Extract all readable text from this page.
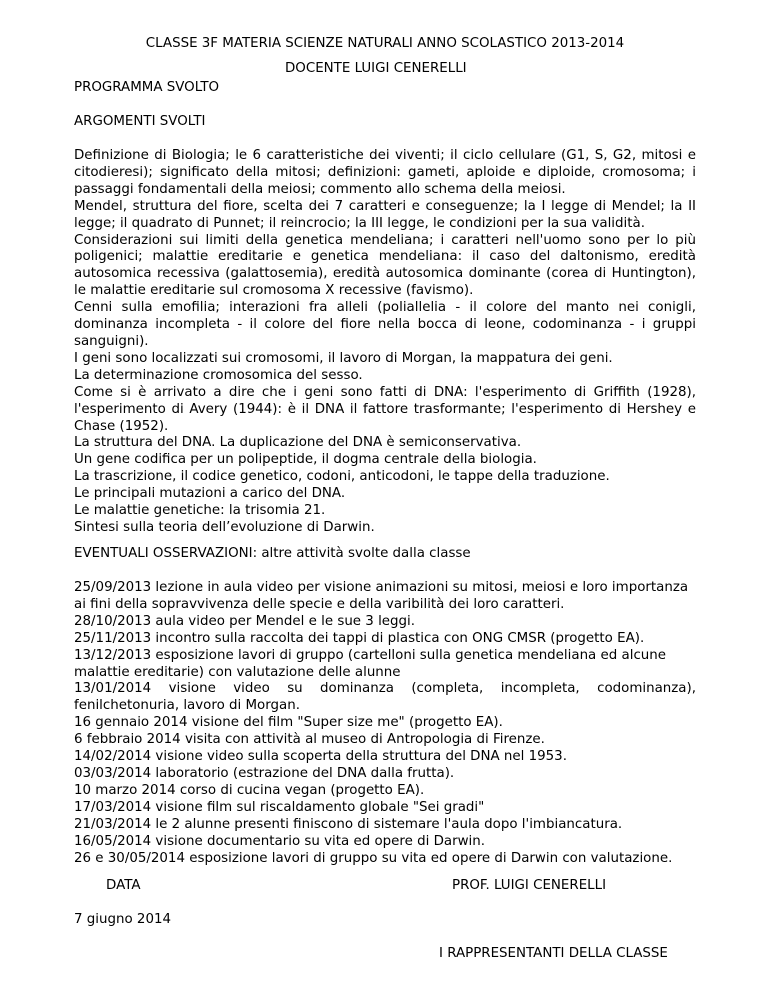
CLASSE 3F MATERIA SCIENZE NATURALI ANNO SCOLASTICO 2013-2014
DOCENTE LUIGI CENERELLI
PROGRAMMA SVOLTO
ARGOMENTI SVOLTI

Definizione di Biologia; le 6 caratteristiche dei viventi; il ciclo cellulare (G1, S, G2, mitosi e citodieresi); significato della mitosi; definizioni: gameti, aploide e diploide, cromosoma; i passaggi fondamentali della meiosi; commento allo schema della meiosi.

Mendel, struttura del fiore, scelta dei 7 caratteri e conseguenze; la I legge di Mendel; la II legge; il quadrato di Punnet; il reincrocio; la III legge, le condizioni per la sua validità.

Considerazioni sui limiti della genetica mendeliana; i caratteri nell'uomo sono per lo più poligenici; malattie ereditarie e genetica mendeliana: il caso del daltonismo, eredità autosomica recessiva (galattosemia), eredità autosomica dominante (corea di Huntington), le malattie ereditarie sul cromosoma X recessive (favismo).

Cenni sulla emofilia; interazioni fra alleli (poliallelia - il colore del manto nei conigli, dominanza incompleta - il colore del fiore nella bocca di leone, codominanza - i gruppi sanguigni).

I geni sono localizzati sui cromosomi, il lavoro di Morgan, la mappatura dei geni.

La determinazione cromosomica del sesso.

Come si è arrivato a dire che i geni sono fatti di DNA: l'esperimento di Griffith (1928), l'esperimento di Avery (1944): è il DNA il fattore trasformante; l'esperimento di Hershey e Chase (1952).

La struttura del DNA. La duplicazione del DNA è semiconservativa.

Un gene codifica per un polipeptide, il dogma centrale della biologia.

La trascrizione, il codice genetico, codoni, anticodoni, le tappe della traduzione.

Le principali mutazioni a carico del DNA.

Le malattie genetiche: la trisomia 21.

Sintesi sulla teoria dell’evoluzione di Darwin.

EVENTUALI OSSERVAZIONI: altre attività svolte dalla classe

25/09/2013 lezione in aula video per visione animazioni su mitosi, meiosi e loro importanza ai fini della sopravvivenza delle specie e della varibilità dei loro caratteri.

28/10/2013 aula video per Mendel e le sue 3 leggi.

25/11/2013 incontro sulla raccolta dei tappi di plastica con ONG CMSR (progetto EA).

13/12/2013 esposizione lavori di gruppo (cartelloni sulla genetica mendeliana ed alcune malattie ereditarie) con valutazione delle alunne

13/01/2014 visione video su dominanza (completa, incompleta, codominanza), fenilchetonuria, lavoro di Morgan.

16 gennaio 2014 visione del film "Super size me" (progetto EA).

6 febbraio 2014 visita con attività al museo di Antropologia di Firenze.

14/02/2014 visione video sulla scoperta della struttura del DNA nel 1953.

03/03/2014 laboratorio (estrazione del DNA dalla frutta).

10 marzo 2014 corso di cucina vegan (progetto EA).

17/03/2014 visione film sul riscaldamento globale "Sei gradi"

21/03/2014 le 2 alunne presenti finiscono di sistemare l'aula dopo l'imbiancatura.

16/05/2014 visione documentario su vita ed opere di Darwin.

26 e 30/05/2014 esposizione lavori di gruppo su vita ed opere di Darwin con valutazione.

DATA	PROF. LUIGI CENERELLI
7 giugno 2014
I RAPPRESENTANTI DELLA CLASSE
